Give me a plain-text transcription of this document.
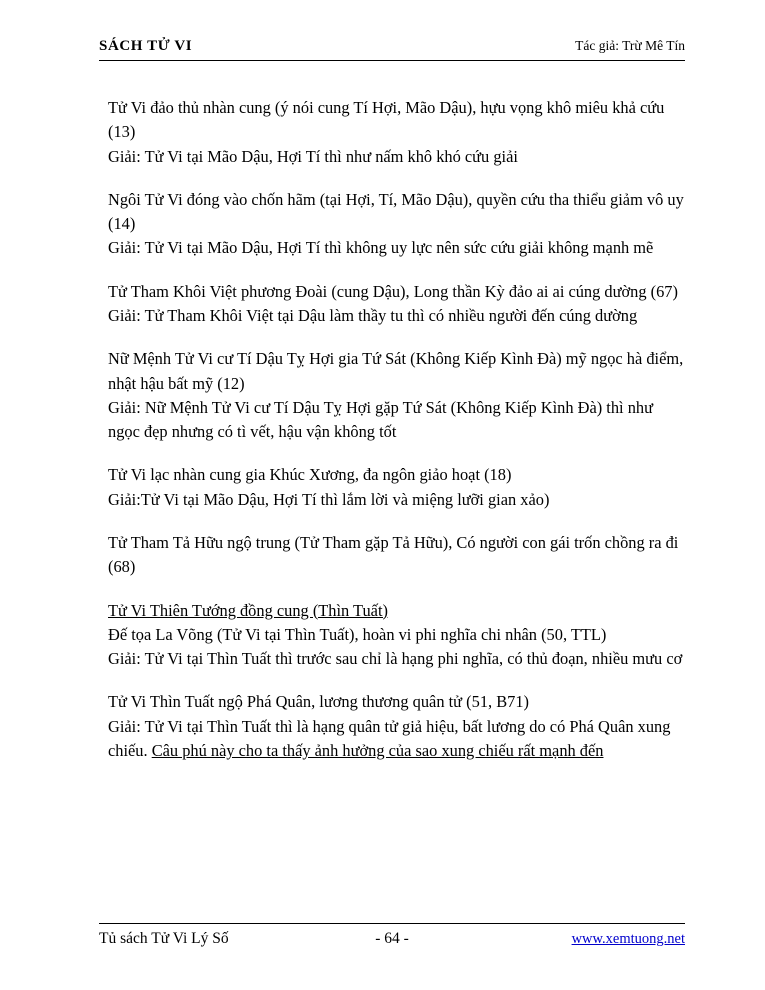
SÁCH TỬ VI	Tác giả: Trừ Mê Tín

Tử Vi đảo thủ nhàn cung (ý nói cung Tí Hợi, Mão Dậu), hựu vọng khô miêu khả cứu (13)

Giải: Tử Vi tại Mão Dậu, Hợi Tí thì như nấm khô khó cứu giải

Ngôi Tử Vi đóng vào chốn hãm (tại Hợi, Tí, Mão Dậu), quyền cứu tha thiểu giảm vô uy (14)

Giải: Tử Vi tại Mão Dậu, Hợi Tí thì không uy lực nên sức cứu giải không mạnh mẽ

Tử Tham Khôi Việt phương Đoài (cung Dậu), Long thần Kỳ đảo ai ai cúng dường (67)

Giải: Tử Tham Khôi Việt tại Dậu làm thầy tu thì có nhiều người đến cúng dường

Nữ Mệnh Tử Vi cư Tí Dậu Tỵ Hợi gia Tứ Sát (Không Kiếp Kình Đà) mỹ ngọc hà điểm, nhật hậu bất mỹ (12)

Giải: Nữ Mệnh Tử Vi cư Tí Dậu Tỵ Hợi gặp Tứ Sát (Không Kiếp Kình Đà) thì như ngọc đẹp nhưng có tì vết, hậu vận không tốt

Tử Vi lạc nhàn cung gia Khúc Xương, đa ngôn giảo hoạt (18)

Giải:Tử Vi tại Mão Dậu, Hợi Tí thì lắm lời và miệng lưỡi gian xảo)

Tử Tham Tả Hữu ngộ trung (Tử Tham gặp Tả Hữu), Có người con gái trốn chồng ra đi (68)

Tử Vi Thiên Tướng đồng cung (Thìn Tuất)

Đế tọa La Võng (Tử Vi tại Thìn Tuất), hoàn vi phi nghĩa chi nhân (50, TTL)

Giải: Tử Vi tại Thìn Tuất thì trước sau chỉ là hạng phi nghĩa, có thủ đoạn, nhiều mưu cơ

Tử Vi Thìn Tuất ngộ Phá Quân, lương thương quân tử (51, B71)

Giải: Tử Vi tại Thìn Tuất thì là hạng quân tử giả hiệu, bất lương do có Phá Quân xung chiếu. Câu phú này cho ta thấy ảnh hưởng của sao xung chiếu rất mạnh đến

Tủ sách Tử Vi Lý Số	- 64 -	www.xemtuong.net
